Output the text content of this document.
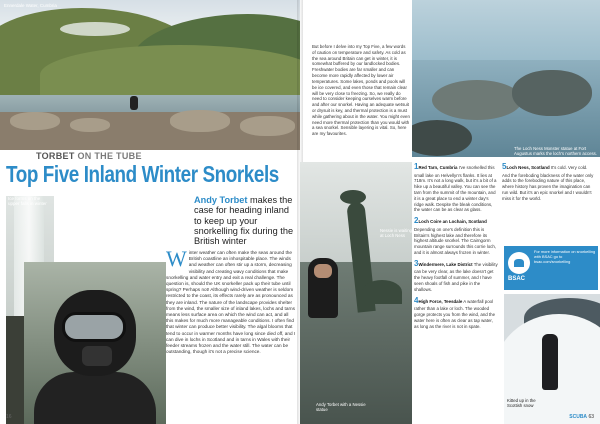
Ennerdale Water, Cumbria
TORBET ON THE TUBE
Top Five Inland Winter Snorkels
Ice forms on the upper falls in winter	Andy Torbet makes the case for heading inland to keep up your snorkelling fix during the British winter
Winter weather can often make the seas around the British coastline an inhospitable place. The winds and weather can often stir up a storm, decreasing visibility and creating wavy conditions that make snorkelling and water entry and exit a real challenge. The question is, should the UK snorkeller pack up their tube until spring? Perhaps not! Although wind-driven weather is seldom restricted to the coast, its effects rarely are as pronounced as they are inland. The nature of the landscape provides shelter from the wind, the smaller size of inland lakes, lochs and tarns means less surface area on which the wind can act, and all this makes for much more manageable conditions. I often find that winter can produce better visibility. The algal blooms that tend to occur in warmer months have long since died off, and I can dive in lochs in Scotland and in tarns in Wales with their feeder streams frozen and the water still. The water can be outstanding, though it's not a precise science.
16
But before I delve into my Top Five, a few words of caution on temperature and safety. As cold as the sea around Britain can get in winter, it is somewhat buffered by our landlocked bodies. Freshwater bodies are far smaller and can become more rapidly affected by lower air temperatures. Some lakes, ponds and pools will be ice covered, and even those that remain clear will be very close to freezing. So, we really do need to consider keeping ourselves warm before and after our snorkel. Having an adequate wetsuit or drysuit is key, and thermal protection is a must while gathering about in the water. You might even need more thermal protection than you would with a sea snorkel. Sensible layering is vital. So, here are my favourites.
The Loch Ness Monster statue at Fort Augustus marks the loch's northern access.
Nessie is waiting at Loch Ness
Andy Torbet with a Nessie statue
1Red Tarn, Cumbria I've snorkelled this small lake on Helvellyn's flanks. It lies at 718m. It's not a long walk, but it's a bit of a hike up a beautiful valley. You can see the tarn from the summit of the mountain, and it is a great place to end a winter day's ridge walk. Despite the bleak conditions, the water can be as clear as glass.
2Loch Coire an Lochain, Scotland Depending on one's definition this is Britain's highest lake and therefore its highest altitude snorkel. The Cairngorm mountain range surrounds this corrie loch, and it is almost always frozen in winter.
3Windermere, Lake District The visibility can be very clear, as the lake doesn't get the heavy footfall of summer, and I have seen shoals of fish and pike in the shallows.
4High Force, Teesdale A waterfall pool rather than a lake or loch. The wooded gorge protects you from the wind, and the water here is often as clear as tap water, as long as the river is not in spate.
5Loch Ness, Scotland It's cold. Very cold. And the foreboding blackness of the water only adds to the foreboding nature of this place, where history has proven the imagination can run wild. But it's an epic snorkel and I wouldn't miss it for the world.
BSAC
For more information on snorkelling with BSAC go to bsac.com/snorkelling
Kitted up in the Scottish snow
SCUBA 63
